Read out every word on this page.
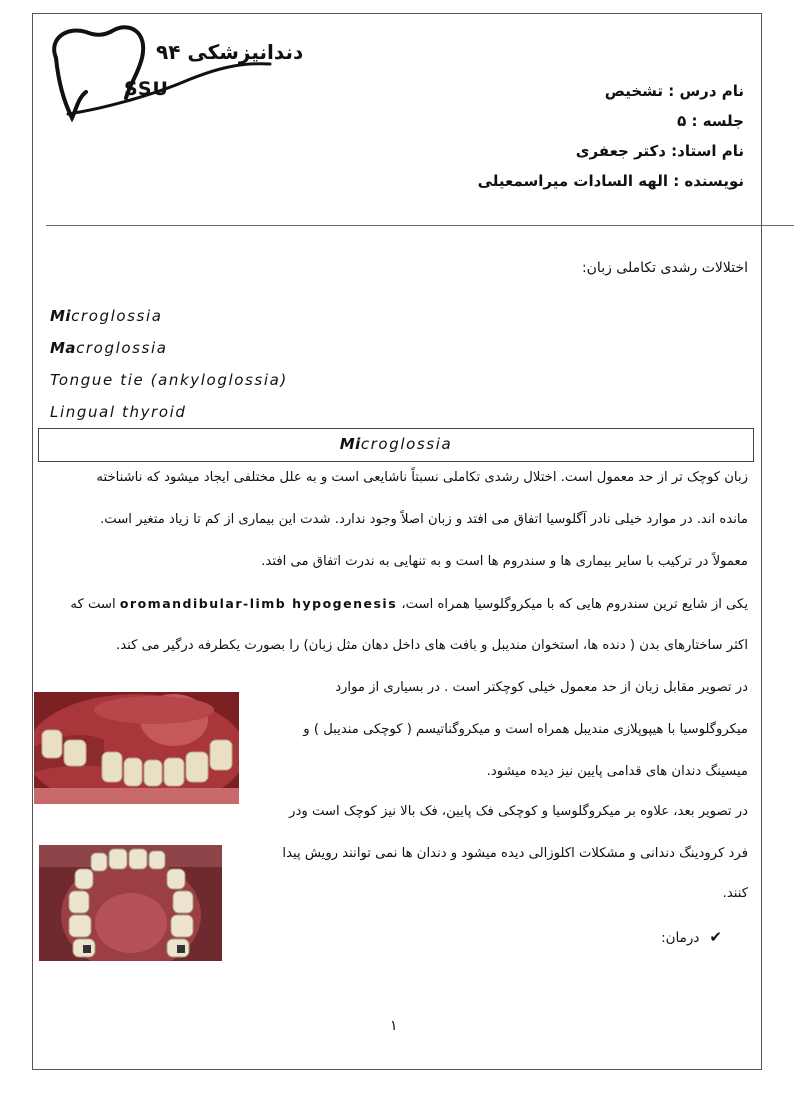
دندانپزشکی ۹۴
SSU	نام درس : تشخیص
جلسه : ۵
نام استاد: دکتر جعفری
نویسنده : الهه السادات میراسمعیلی
اختلالات رشدی تکاملی زبان:
Microglossia
Macroglossia
Tongue tie (ankyloglossia)
Lingual thyroid
Microglossia
زبان کوچک تر از حد معمول است. اختلال رشدی تکاملی نسبتاً ناشایعی است و به علل مختلفی ایجاد میشود که ناشناخته
مانده اند. در موارد خیلی نادر آگلوسیا اتفاق می افتد و زبان اصلاً وجود ندارد. شدت این بیماری از کم تا زیاد متغیر است.
معمولاً در ترکیب با سایر بیماری ها و سندروم ها است و به تنهایی به ندرت اتفاق می افتد.
یکی از شایع ترین سندروم هایی که با میکروگلوسیا همراه است، oromandibular-limb hypogenesis است که
اکثر ساختارهای بدن ( دنده ها، استخوان مندیبل و بافت های داخل دهان مثل زبان) را بصورت یکطرفه درگیر می کند.
در تصویر مقابل زبان از حد معمول خیلی کوچکتر است . در بسیاری از موارد
میکروگلوسیا با هیپوپلازی مندیبل همراه است و میکروگناتیسم ( کوچکی مندیبل ) و
میسینگ دندان های قدامی پایین نیز دیده میشود.
در تصویر بعد، علاوه بر میکروگلوسیا و کوچکی فک پایین، فک بالا نیز کوچک است ودر
فرد کرودینگ دندانی و مشکلات اکلوزالی دیده میشود و دندان ها نمی توانند رویش پیدا
کنند.
✔درمان:
۱
